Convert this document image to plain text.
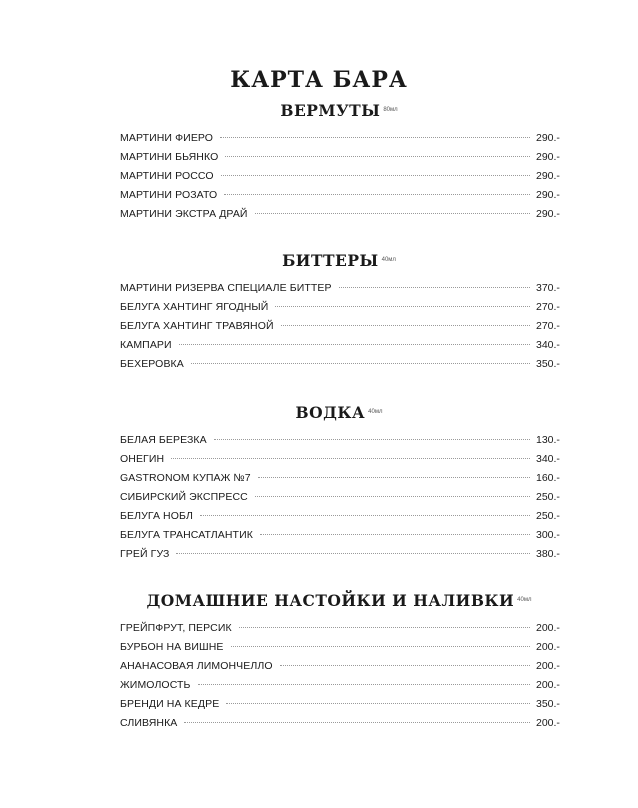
КАРТА БАРА
ВЕРМУТЫ $^{80мл}$
МАРТИНИ ФИЕРО	290.-
МАРТИНИ БЬЯНКО	290.-
МАРТИНИ РОССО	290.-
МАРТИНИ РОЗАТО	290.-
МАРТИНИ ЭКСТРА ДРАЙ	290.-
БИТТЕРЫ $^{40мл}$
МАРТИНИ РИЗЕРВА СПЕЦИАЛЕ БИТТЕР	370.-
БЕЛУГА ХАНТИНГ ЯГОДНЫЙ	270.-
БЕЛУГА ХАНТИНГ ТРАВЯНОЙ	270.-
КАМПАРИ	340.-
БЕХЕРОВКА	350.-
ВОДКА $^{40мл}$
БЕЛАЯ БЕРЕЗКА	130.-
ОНЕГИН	340.-
GASTRONOM КУПАЖ №7	160.-
СИБИРСКИЙ ЭКСПРЕСС	250.-
БЕЛУГА НОБЛ	250.-
БЕЛУГА ТРАНСАТЛАНТИК	300.-
ГРЕЙ ГУЗ	380.-
ДОМАШНИЕ НАСТОЙКИ И НАЛИВКИ $^{40мл}$
ГРЕЙПФРУТ, ПЕРСИК	200.-
БУРБОН НА ВИШНЕ	200.-
АНАНАСОВАЯ ЛИМОНЧЕЛЛО	200.-
ЖИМОЛОСТЬ	200.-
БРЕНДИ НА КЕДРЕ	350.-
СЛИВЯНКА	200.-
